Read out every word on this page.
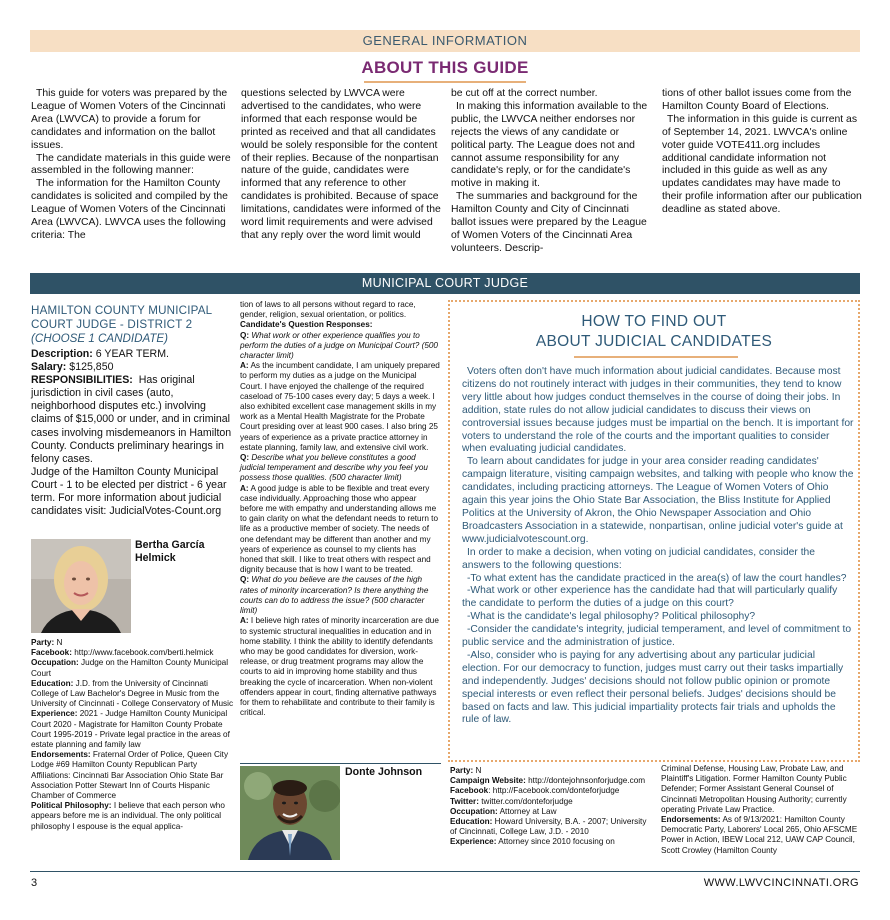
GENERAL INFORMATION
ABOUT THIS GUIDE

This guide for voters was prepared by the League of Women Voters of the Cincinnati Area (LWVCA) to provide a forum for candidates and information on the ballot issues.

The candidate materials in this guide were assembled in the following manner:

The information for the Hamilton County candidates is solicited and compiled by the League of Women Voters of the Cincinnati Area (LWVCA). LWVCA uses the following criteria: The

questions selected by LWVCA were advertised to the candidates, who were informed that each response would be printed as received and that all candidates would be solely responsible for the content of their replies. Because of the nonpartisan nature of the guide, candidates were informed that any reference to other candidates is prohibited. Because of space limitations, candidates were informed of the word limit requirements and were advised that any reply over the word limit would

be cut off at the correct number.

In making this information available to the public, the LWVCA neither endorses nor rejects the views of any candidate or political party. The League does not and cannot assume responsibility for any candidate's reply, or for the candidate's motive in making it.

The summaries and background for the Hamilton County and City of Cincinnati ballot issues were prepared by the League of Women Voters of the Cincinnati Area volunteers. Descrip-

tions of other ballot issues come from the Hamilton County Board of Elections.

The information in this guide is current as of September 14, 2021. LWVCA's online voter guide VOTE411.org includes additional candidate information not included in this guide as well as any updates candidates may have made to their profile information after our publication deadline as stated above.

MUNICIPAL COURT JUDGE
HAMILTON COUNTY MUNICIPAL COURT JUDGE - DISTRICT 2
(CHOOSE 1 CANDIDATE)
Description: 6 YEAR TERM.
Salary: $125,850
RESPONSIBILITIES: Has original jurisdiction in civil cases (auto, neighborhood disputes etc.) involving claims of $15,000 or under, and in criminal cases involving misdemeanors in Hamilton County. Conducts preliminary hearings in felony cases.
Judge of the Hamilton County Municipal Court - 1 to be elected per district - 6 year term. For more information about judicial candidates visit: JudicialVotes-Count.org
Bertha García Helmick
Party: N
Facebook: http://www.facebook.com/berti.helmick
Occupation: Judge on the Hamilton County Municipal Court
Education: J.D. from the University of Cincinnati College of Law Bachelor's Degree in Music from the University of Cincinnati - College Conservatory of Music
Experience: 2021 - Judge Hamilton County Municipal Court 2020 - Magistrate for Hamilton County Probate Court 1995-2019 - Private legal practice in the areas of estate planning and family law
Endorsements: Fraternal Order of Police, Queen City Lodge #69 Hamilton County Republican Party Affiliations: Cincinnati Bar Association Ohio State Bar Association Potter Stewart Inn of Courts Hispanic Chamber of Commerce
Political Philosophy: I believe that each person who appears before me is an individual. The only political philosophy I espouse is the equal applica-
tion of laws to all persons without regard to race, gender, religion, sexual orientation, or politics.
Candidate's Question Responses:
Q: What work or other experience qualifies you to perform the duties of a judge on Municipal Court? (500 character limit)
A: As the incumbent candidate, I am uniquely prepared to perform my duties as a judge on the Municipal Court. I have enjoyed the challenge of the required caseload of 75-100 cases every day; 5 days a week. I also exhibited excellent case management skills in my work as a Mental Health Magistrate for the Probate Court presiding over at least 900 cases. I also bring 25 years of experience as a private practice attorney in estate planning, family law, and extensive civil work.
Q: Describe what you believe constitutes a good judicial temperament and describe why you feel you possess those qualities. (500 character limit)
A: A good judge is able to be flexible and treat every case individually. Approaching those who appear before me with empathy and understanding allows me to gain clarity on what the defendant needs to return to life as a productive member of society. The needs of one defendant may be different than another and my years of experience as counsel to my clients has honed that skill. I like to treat others with respect and dignity because that is how I want to be treated.
Q: What do you believe are the causes of the high rates of minority incarceration? Is there anything the courts can do to address the issue? (500 character limit)
A: I believe high rates of minority incarceration are due to systemic structural inequalities in education and in home stability. I think the ability to identify defendants who may be good candidates for diversion, work-release, or drug treatment programs may allow the courts to aid in improving home stability and thus breaking the cycle of incarceration. When non-violent offenders appear in court, finding alternative pathways for them to rehabilitate and contribute to their family is critical.
Donte Johnson
HOW TO FIND OUT
ABOUT JUDICIAL CANDIDATES

Voters often don't have much information about judicial candidates. Because most citizens do not routinely interact with judges in their communities, they tend to know very little about how judges conduct themselves in the course of doing their jobs. In addition, state rules do not allow judicial candidates to discuss their views on controversial issues because judges must be impartial on the bench. It is important for voters to understand the role of the courts and the important qualities to consider when evaluating judicial candidates.

To learn about candidates for judge in your area consider reading candidates' campaign literature, visiting campaign websites, and talking with people who know the candidates, including practicing attorneys. The League of Women Voters of Ohio again this year joins the Ohio State Bar Association, the Bliss Institute for Applied Politics at the University of Akron, the Ohio Newspaper Association and Ohio Broadcasters Association in a statewide, nonpartisan, online judicial voter's guide at www.judicialvotescount.org.

In order to make a decision, when voting on judicial candidates, consider the answers to the following questions:

-To what extent has the candidate practiced in the area(s) of law the court handles?

-What work or other experience has the candidate had that will particularly qualify the candidate to perform the duties of a judge on this court?

-What is the candidate's legal philosophy? Political philosophy?

-Consider the candidate's integrity, judicial temperament, and level of commitment to public service and the administration of justice.

-Also, consider who is paying for any advertising about any particular judicial election. For our democracy to function, judges must carry out their tasks impartially and independently. Judges' decisions should not follow public opinion or promote special interests or even reflect their personal beliefs. Judges' decisions should be based on facts and law. This judicial impartiality protects fair trials and upholds the rule of law.

Party: N
Campaign Website: http://dontejohnsonforjudge.com
Facebook: http://Facebook.com/donteforjudge
Twitter: twitter.com/donteforjudge
Occupation: Attorney at Law
Education: Howard University, B.A. - 2007; University of Cincinnati, College Law, J.D. - 2010
Experience: Attorney since 2010 focusing on
Criminal Defense, Housing Law, Probate Law, and Plaintiff's Litigation. Former Hamilton County Public Defender; Former Assistant General Counsel of Cincinnati Metropolitan Housing Authority; currently operating Private Law Practice.
Endorsements: As of 9/13/2021: Hamilton County Democratic Party, Laborers' Local 265, Ohio AFSCME Power in Action, IBEW Local 212, UAW CAP Council, Scott Crowley (Hamilton County
3	WWW.LWVCINCINNATI.ORG
